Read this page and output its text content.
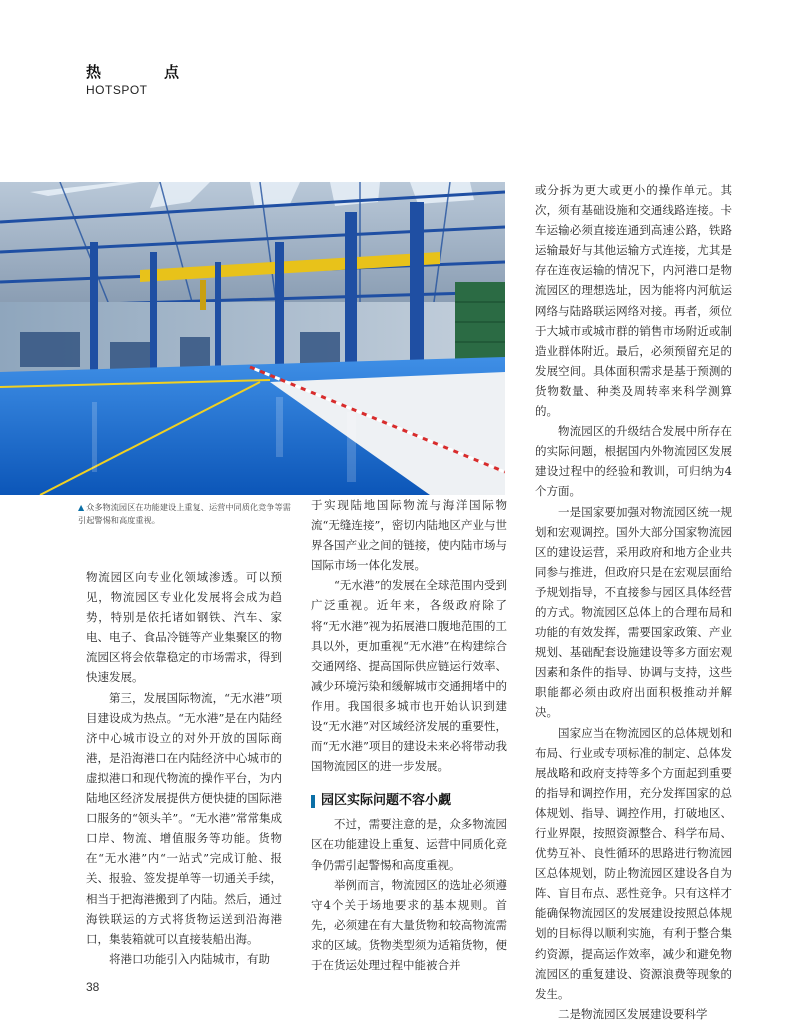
热　点
HOTSPOT
▲ 众多物流园区在功能建设上重复、运营中同质化竞争等需引起警惕和高度重视。

物流园区向专业化领域渗透。可以预见，物流园区专业化发展将会成为趋势，特别是依托诸如钢铁、汽车、家电、电子、食品冷链等产业集聚区的物流园区将会依靠稳定的市场需求，得到快速发展。

第三，发展国际物流，“无水港”项目建设成为热点。“无水港”是在内陆经济中心城市设立的对外开放的国际商港，是沿海港口在内陆经济中心城市的虚拟港口和现代物流的操作平台，为内陆地区经济发展提供方便快捷的国际港口服务的“领头羊”。“无水港”常常集成口岸、物流、增值服务等功能。货物在“无水港”内“一站式”完成订舱、报关、报验、签发提单等一切通关手续，相当于把海港搬到了内陆。然后，通过海铁联运的方式将货物运送到沿海港口，集装箱就可以直接装船出海。

将港口功能引入内陆城市，有助

于实现陆地国际物流与海洋国际物流“无缝连接”，密切内陆地区产业与世界各国产业之间的链接，使内陆市场与国际市场一体化发展。

“无水港”的发展在全球范围内受到广泛重视。近年来，各级政府除了将“无水港”视为拓展港口腹地范围的工具以外，更加重视“无水港”在构建综合交通网络、提高国际供应链运行效率、减少环境污染和缓解城市交通拥堵中的作用。我国很多城市也开始认识到建设“无水港”对区域经济发展的重要性，而“无水港”项目的建设未来必将带动我国物流园区的进一步发展。

园区实际问题不容小觑

不过，需要注意的是，众多物流园区在功能建设上重复、运营中同质化竞争仍需引起警惕和高度重视。

举例而言，物流园区的选址必须遵守4个关于场地要求的基本规则。首先，必须建在有大量货物和较高物流需求的区域。货物类型须为适箱货物，便于在货运处理过程中能被合并

或分拆为更大或更小的操作单元。其次，须有基础设施和交通线路连接。卡车运输必须直接连通到高速公路，铁路运输最好与其他运输方式连接，尤其是存在连夜运输的情况下，内河港口是物流园区的理想选址，因为能将内河航运网络与陆路联运网络对接。再者，须位于大城市或城市群的销售市场附近或制造业群体附近。最后，必须预留充足的发展空间。具体面积需求是基于预测的货物数量、种类及周转率来科学测算的。

物流园区的升级结合发展中所存在的实际问题，根据国内外物流园区发展建设过程中的经验和教训，可归纳为4个方面。

一是国家要加强对物流园区统一规划和宏观调控。国外大部分国家物流园区的建设运营，采用政府和地方企业共同参与推进，但政府只是在宏观层面给予规划指导，不直接参与园区具体经营的方式。物流园区总体上的合理布局和功能的有效发挥，需要国家政策、产业规划、基础配套设施建设等多方面宏观因素和条件的指导、协调与支持，这些职能都必须由政府出面积极推动并解决。

国家应当在物流园区的总体规划和布局、行业或专项标准的制定、总体发展战略和政府支持等多个方面起到重要的指导和调控作用，充分发挥国家的总体规划、指导、调控作用，打破地区、行业界限，按照资源整合、科学布局、优势互补、良性循环的思路进行物流园区总体规划，防止物流园区建设各自为阵、盲目布点、恶性竞争。只有这样才能确保物流园区的发展建设按照总体规划的目标得以顺利实施，有利于整合集约资源，提高运作效率，减少和避免物流园区的重复建设、资源浪费等现象的发生。

二是物流园区发展建设要科学

38
